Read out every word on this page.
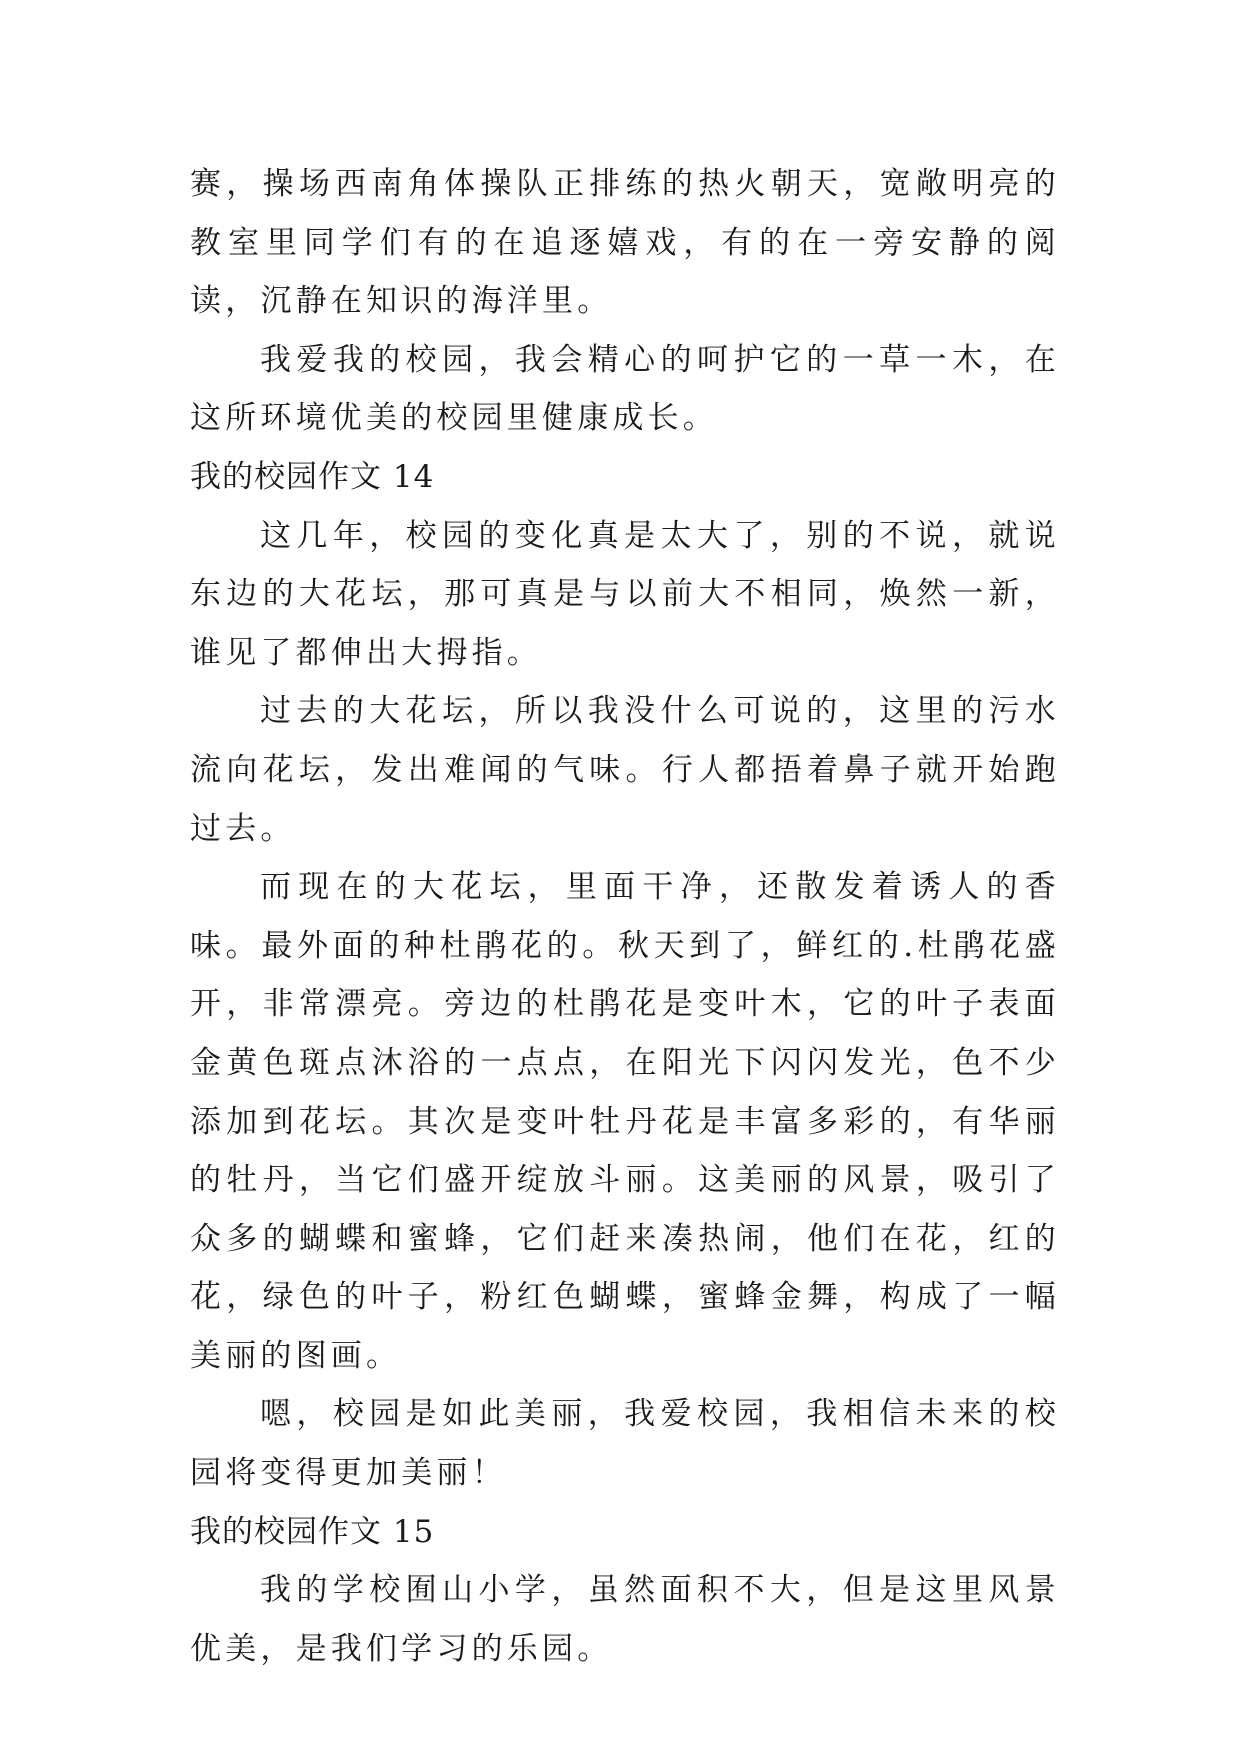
赛，操场西南角体操队正排练的热火朝天，宽敞明亮的教室里同学们有的在追逐嬉戏，有的在一旁安静的阅读，沉静在知识的海洋里。

我爱我的校园，我会精心的呵护它的一草一木，在这所环境优美的校园里健康成长。

我的校园作文 14

这几年，校园的变化真是太大了，别的不说，就说东边的大花坛，那可真是与以前大不相同，焕然一新，谁见了都伸出大拇指。

过去的大花坛，所以我没什么可说的，这里的污水流向花坛，发出难闻的气味。行人都捂着鼻子就开始跑过去。

而现在的大花坛，里面干净，还散发着诱人的香味。最外面的种杜鹃花的。秋天到了，鲜红的.杜鹃花盛开，非常漂亮。旁边的杜鹃花是变叶木，它的叶子表面金黄色斑点沐浴的一点点，在阳光下闪闪发光，色不少添加到花坛。其次是变叶牡丹花是丰富多彩的，有华丽的牡丹，当它们盛开绽放斗丽。这美丽的风景，吸引了众多的蝴蝶和蜜蜂，它们赶来凑热闹，他们在花，红的花，绿色的叶子，粉红色蝴蝶，蜜蜂金舞，构成了一幅美丽的图画。

嗯，校园是如此美丽，我爱校园，我相信未来的校园将变得更加美丽！

我的校园作文 15

我的学校囿山小学，虽然面积不大，但是这里风景优美，是我们学习的乐园。
